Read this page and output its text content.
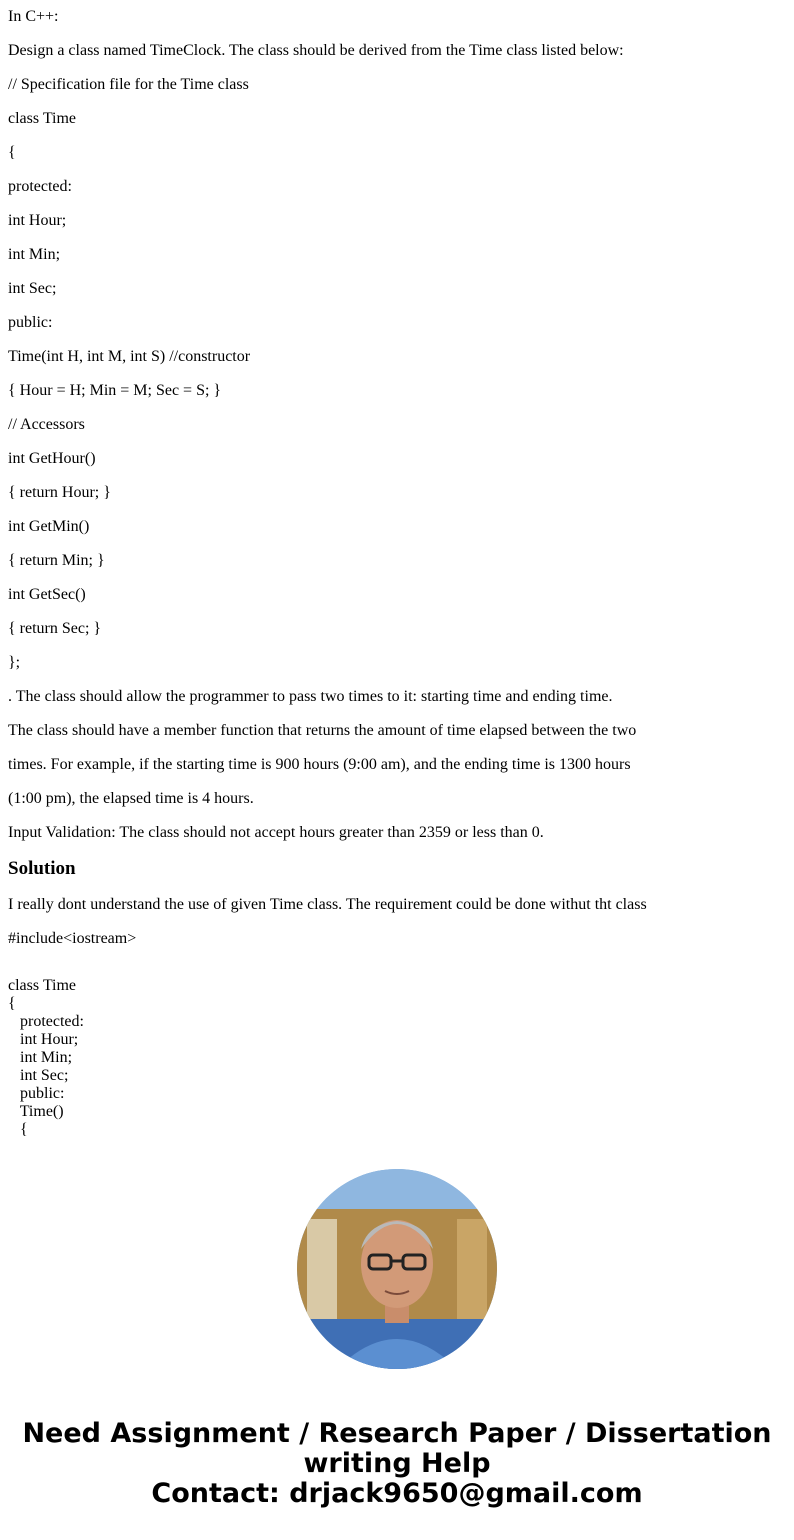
In C++:

Design a class named TimeClock. The class should be derived from the Time class listed below:

// Specification file for the Time class

class Time

{

protected:

int Hour;

int Min;

int Sec;

public:

Time(int H, int M, int S) //constructor

{ Hour = H; Min = M; Sec = S; }

// Accessors

int GetHour()

{ return Hour; }

int GetMin()

{ return Min; }

int GetSec()

{ return Sec; }

};

. The class should allow the programmer to pass two times to it: starting time and ending time.

The class should have a member function that returns the amount of time elapsed between the two

times. For example, if the starting time is 900 hours (9:00 am), and the ending time is 1300 hours

(1:00 pm), the elapsed time is 4 hours.

Input Validation: The class should not accept hours greater than 2359 or less than 0.

Solution

I really dont understand the use of given Time class. The requirement could be done withut tht class

#include<iostream>

class Time

{

protected:

int Hour;

int Min;

int Sec;

public:

Time()

{

Need Assignment / Research Paper / Dissertation
writing Help
Contact: drjack9650@gmail.com
